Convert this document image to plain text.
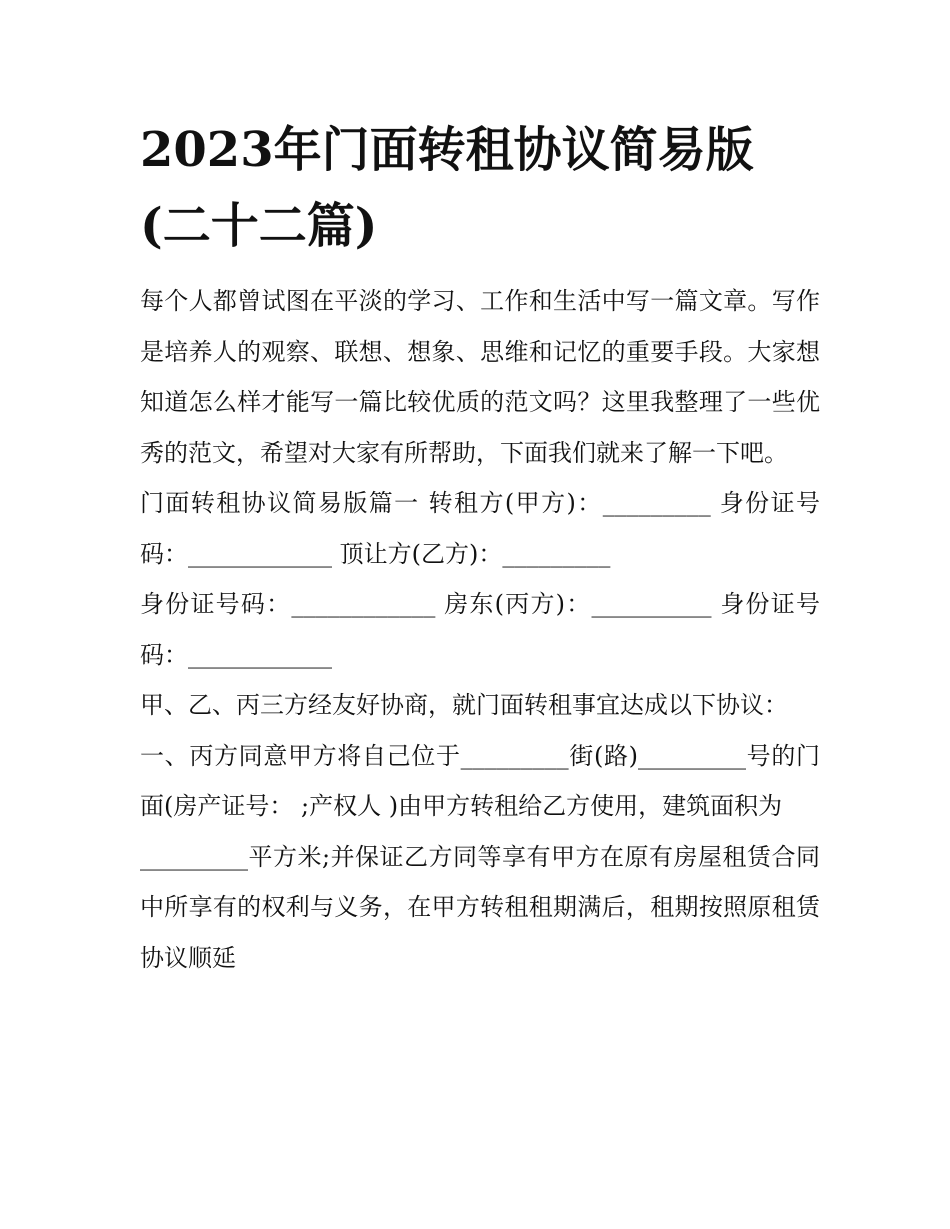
2023年门面转租协议简易版
(二十二篇)

每个人都曾试图在平淡的学习、工作和生活中写一篇文章。写作是培养人的观察、联想、想象、思维和记忆的重要手段。大家想知道怎么样才能写一篇比较优质的范文吗？这里我整理了一些优秀的范文，希望对大家有所帮助，下面我们就来了解一下吧。

门面转租协议简易版篇一 转租方(甲方)：_________ 身份证号码：____________ 顶让方(乙方)：_________

身份证号码：____________ 房东(丙方)：__________ 身份证号码：____________

甲、乙、丙三方经友好协商，就门面转租事宜达成以下协议：

一、丙方同意甲方将自己位于_________街(路)_________号的门面(房产证号： ;产权人 )由甲方转租给乙方使用，建筑面积为

_________平方米;并保证乙方同等享有甲方在原有房屋租赁合同中所享有的权利与义务，在甲方转租租期满后，租期按照原租赁协议顺延
